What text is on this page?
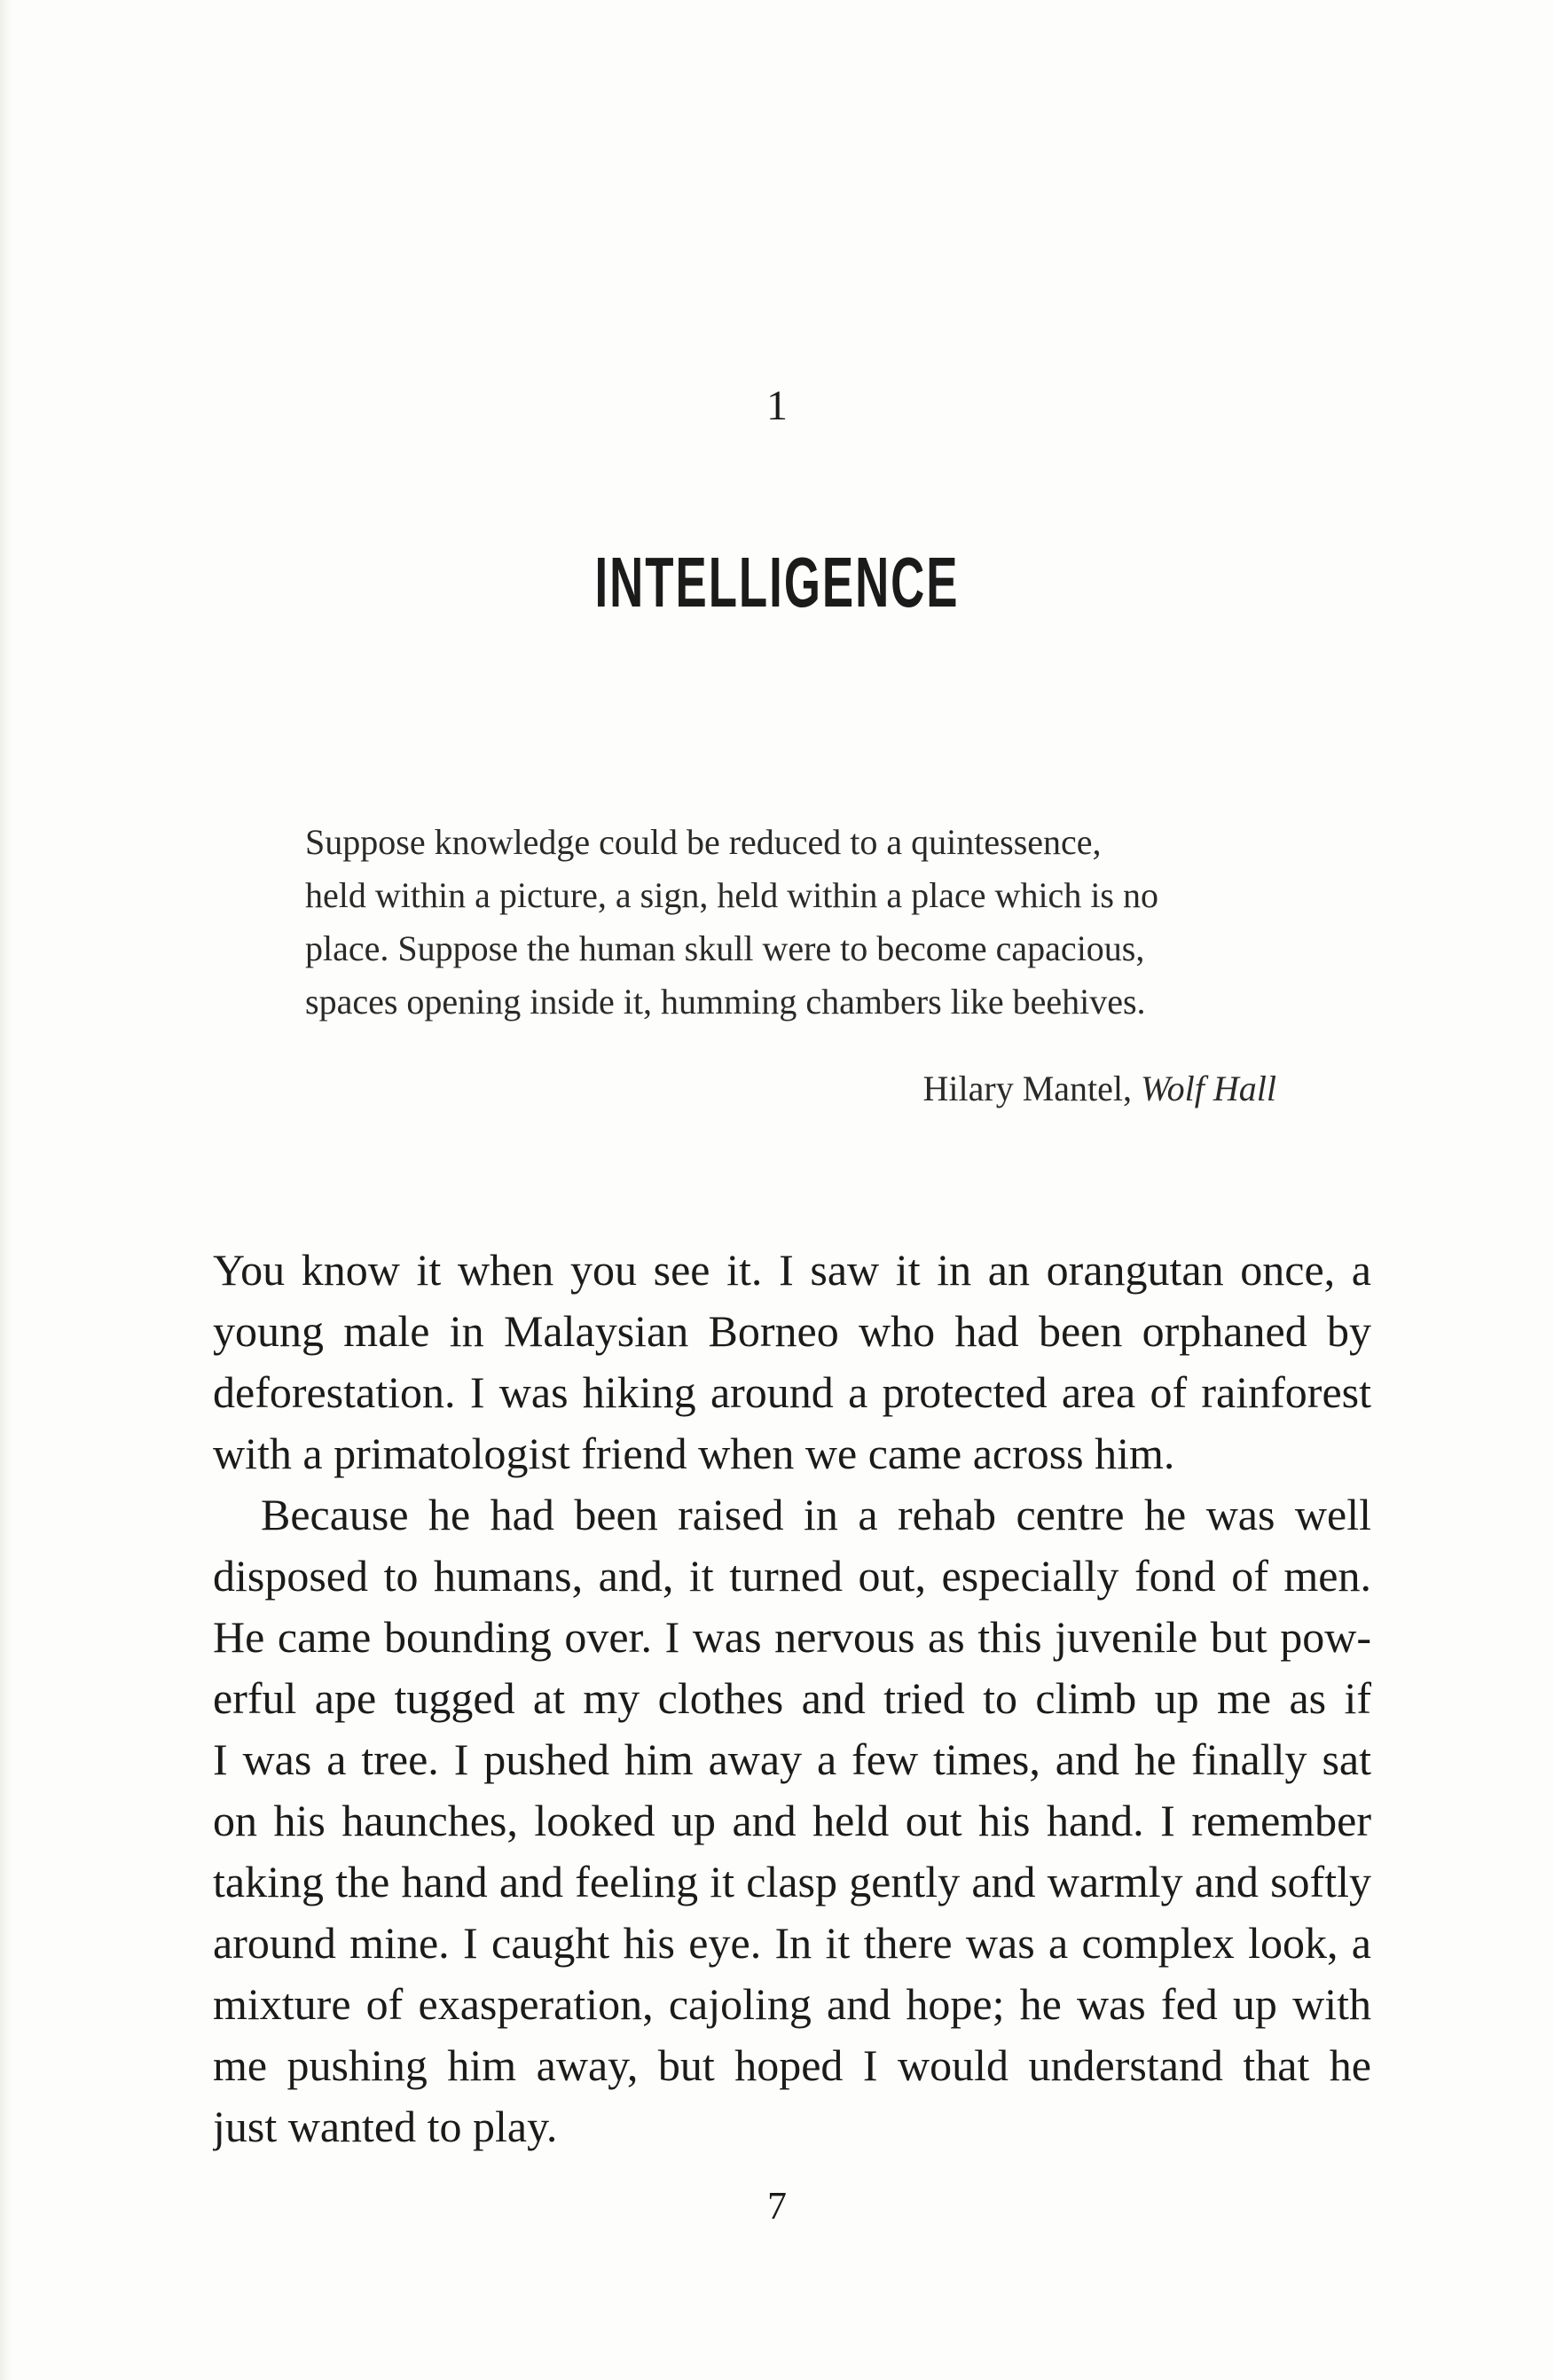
1
INTELLIGENCE
Suppose knowledge could be reduced to a quintessence,
held within a picture, a sign, held within a place which is no
place. Suppose the human skull were to become capacious,
spaces opening inside it, humming chambers like beehives.
Hilary Mantel, Wolf Hall
You know it when you see it. I saw it in an orangutan once, a
young male in Malaysian Borneo who had been orphaned by
deforestation. I was hiking around a protected area of rainforest
with a primatologist friend when we came across him.
Because he had been raised in a rehab centre he was well
disposed to humans, and, it turned out, especially fond of men.
He came bounding over. I was nervous as this juvenile but pow-
erful ape tugged at my clothes and tried to climb up me as if
I was a tree. I pushed him away a few times, and he finally sat
on his haunches, looked up and held out his hand. I remember
taking the hand and feeling it clasp gently and warmly and softly
around mine. I caught his eye. In it there was a complex look, a
mixture of exasperation, cajoling and hope; he was fed up with
me pushing him away, but hoped I would understand that he
just wanted to play.
7
